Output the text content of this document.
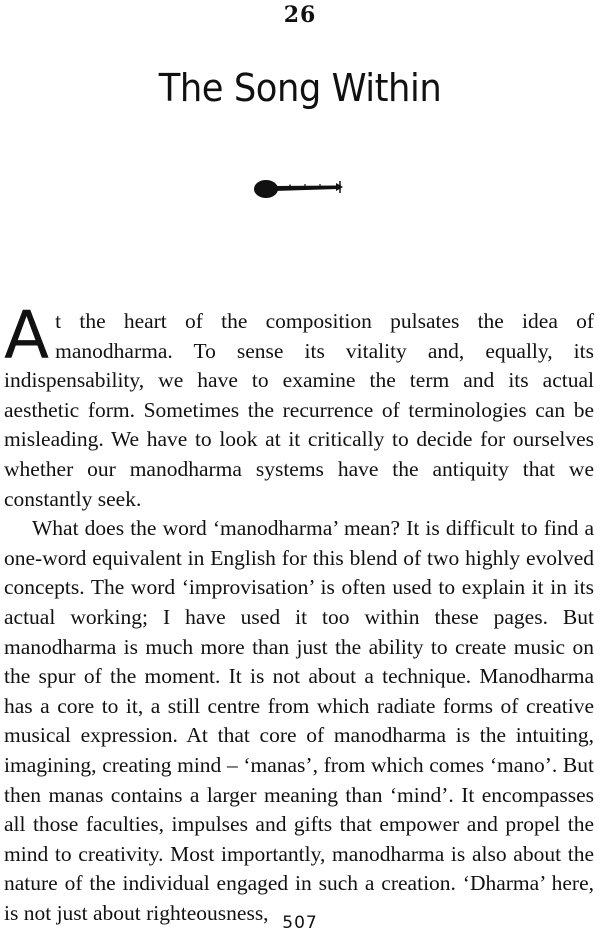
26
The Song Within

At the heart of the composition pulsates the idea of manodharma. To sense its vitality and, equally, its indispensability, we have to examine the term and its actual aesthetic form. Sometimes the recurrence of terminologies can be misleading. We have to look at it critically to decide for ourselves whether our manodharma systems have the antiquity that we constantly seek.

What does the word ‘manodharma’ mean? It is difficult to find a one-word equivalent in English for this blend of two highly evolved concepts. The word ‘improvisation’ is often used to explain it in its actual working; I have used it too within these pages. But manodharma is much more than just the ability to create music on the spur of the moment. It is not about a technique. Manodharma has a core to it, a still centre from which radiate forms of creative musical expression. At that core of manodharma is the intuiting, imagining, creating mind – ‘manas’, from which comes ‘mano’. But then manas contains a larger meaning than ‘mind’. It encompasses all those faculties, impulses and gifts that empower and propel the mind to creativity. Most importantly, manodharma is also about the nature of the individual engaged in such a creation. ‘Dharma’ here, is not just about righteousness, 507
